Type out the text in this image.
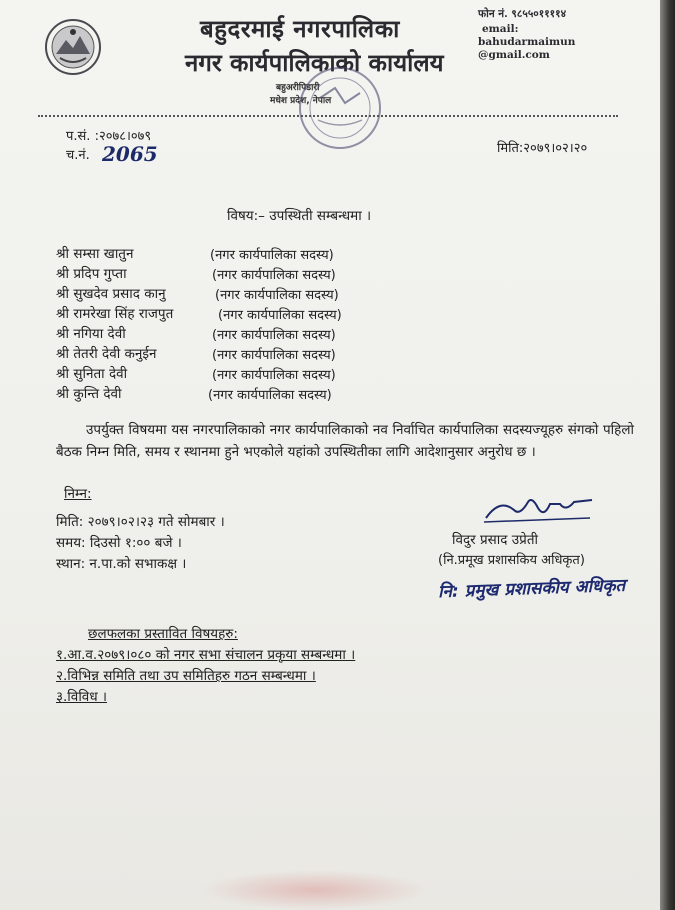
बहुदरमाई नगरपालिका
नगर कार्यपालिकाको कार्यालय
बहुअरीपिडारी
मधेश प्रदेश, नेपाल
फोन नं. ९८५५०११११४
email:
bahudarmaimun
@gmail.com
प.सं. :२०७८।०७९
च.नं. 2065	मिति:२०७९।०२।२०
विषय:– उपस्थिती सम्बन्धमा ।
श्री सम्सा खातुन	(नगर कार्यपालिका सदस्य)
श्री प्रदिप गुप्ता	(नगर कार्यपालिका सदस्य)
श्री सुखदेव प्रसाद कानु	(नगर कार्यपालिका सदस्य)
श्री रामरेखा सिंह राजपुत	(नगर कार्यपालिका सदस्य)
श्री नगिया देवी	(नगर कार्यपालिका सदस्य)
श्री तेतरी देवी कनुईन	(नगर कार्यपालिका सदस्य)
श्री सुनिता देवी	(नगर कार्यपालिका सदस्य)
श्री कुन्ति देवी	(नगर कार्यपालिका सदस्य)
उपर्युक्त विषयमा यस नगरपालिकाको नगर कार्यपालिकाको नव निर्वाचित कार्यपालिका सदस्यज्यूहरु संगको पहिलो बैठक निम्न मिति, समय र स्थानमा हुने भएकोले यहांको उपस्थितीका लागि आदेशानुसार अनुरोध छ ।
निम्न:
मिति: २०७९।०२।२३ गते सोमबार ।
समय: दिउसो १:०० बजे ।
स्थान: न.पा.को सभाकक्ष ।
विदुर प्रसाद उप्रेती
(नि.प्रमूख प्रशासकिय अधिकृत)
नि: प्रमुख प्रशासकीय अधिकृत
छलफलका प्रस्तावित विषयहरु:
१.आ.व.२०७९।०८० को नगर सभा संचालन प्रकृया सम्बन्धमा ।
२.विभिन्न समिति तथा उप समितिहरु गठन सम्बन्धमा ।
३.विविध ।
